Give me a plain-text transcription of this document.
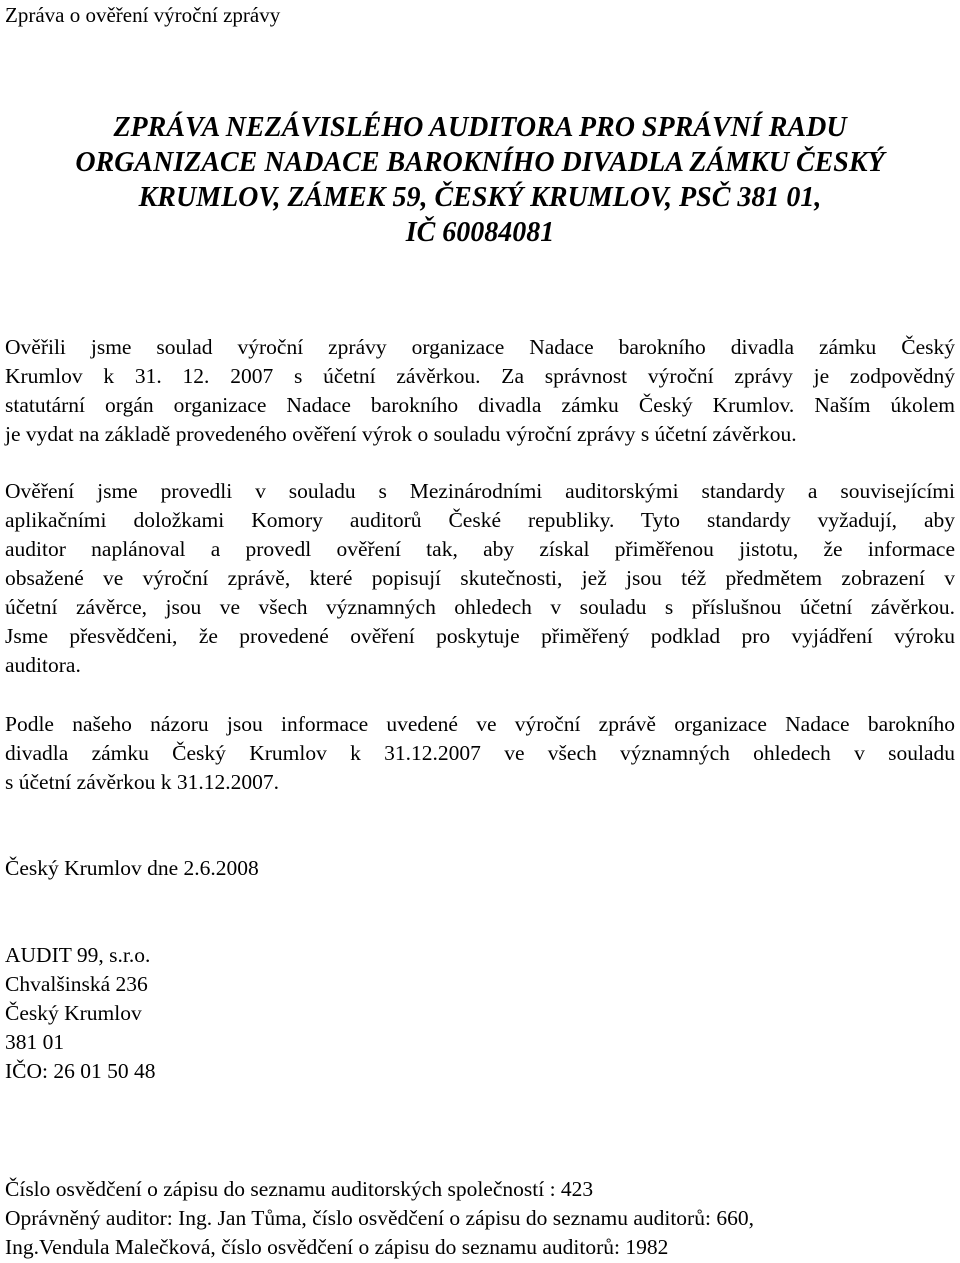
Zpráva o ověření výroční zprávy
ZPRÁVA NEZÁVISLÉHO AUDITORA PRO SPRÁVNÍ RADU
ORGANIZACE NADACE BAROKNÍHO DIVADLA ZÁMKU ČESKÝ
KRUMLOV, ZÁMEK 59, ČESKÝ KRUMLOV, PSČ 381 01,
IČ 60084081
Ověřili jsme soulad výroční zprávy organizace Nadace barokního divadla zámku Český
Krumlov k 31. 12. 2007 s účetní závěrkou. Za správnost výroční zprávy je zodpovědný
statutární orgán organizace Nadace barokního divadla zámku Český Krumlov. Naším úkolem
je vydat na základě provedeného ověření výrok o souladu výroční zprávy s účetní závěrkou.
Ověření jsme provedli v souladu s Mezinárodními auditorskými standardy a souvisejícími
aplikačními doložkami Komory auditorů České republiky. Tyto standardy vyžadují, aby
auditor naplánoval a provedl ověření tak, aby získal přiměřenou jistotu, že informace
obsažené ve výroční zprávě, které popisují skutečnosti, jež jsou též předmětem zobrazení v
účetní závěrce, jsou ve všech významných ohledech v souladu s příslušnou účetní závěrkou.
Jsme přesvědčeni, že provedené ověření poskytuje přiměřený podklad pro vyjádření výroku
auditora.
Podle našeho názoru jsou informace uvedené ve výroční zprávě organizace Nadace barokního
divadla zámku Český Krumlov k 31.12.2007 ve všech významných ohledech v souladu
s účetní závěrkou k 31.12.2007.
Český Krumlov dne 2.6.2008
AUDIT 99, s.r.o.
Chvalšinská 236
Český Krumlov
381 01
IČO: 26 01 50 48
Číslo osvědčení o zápisu do seznamu auditorských společností : 423
Oprávněný auditor: Ing. Jan Tůma, číslo osvědčení o zápisu do seznamu auditorů: 660,
Ing.Vendula Malečková, číslo osvědčení o zápisu do seznamu auditorů: 1982
